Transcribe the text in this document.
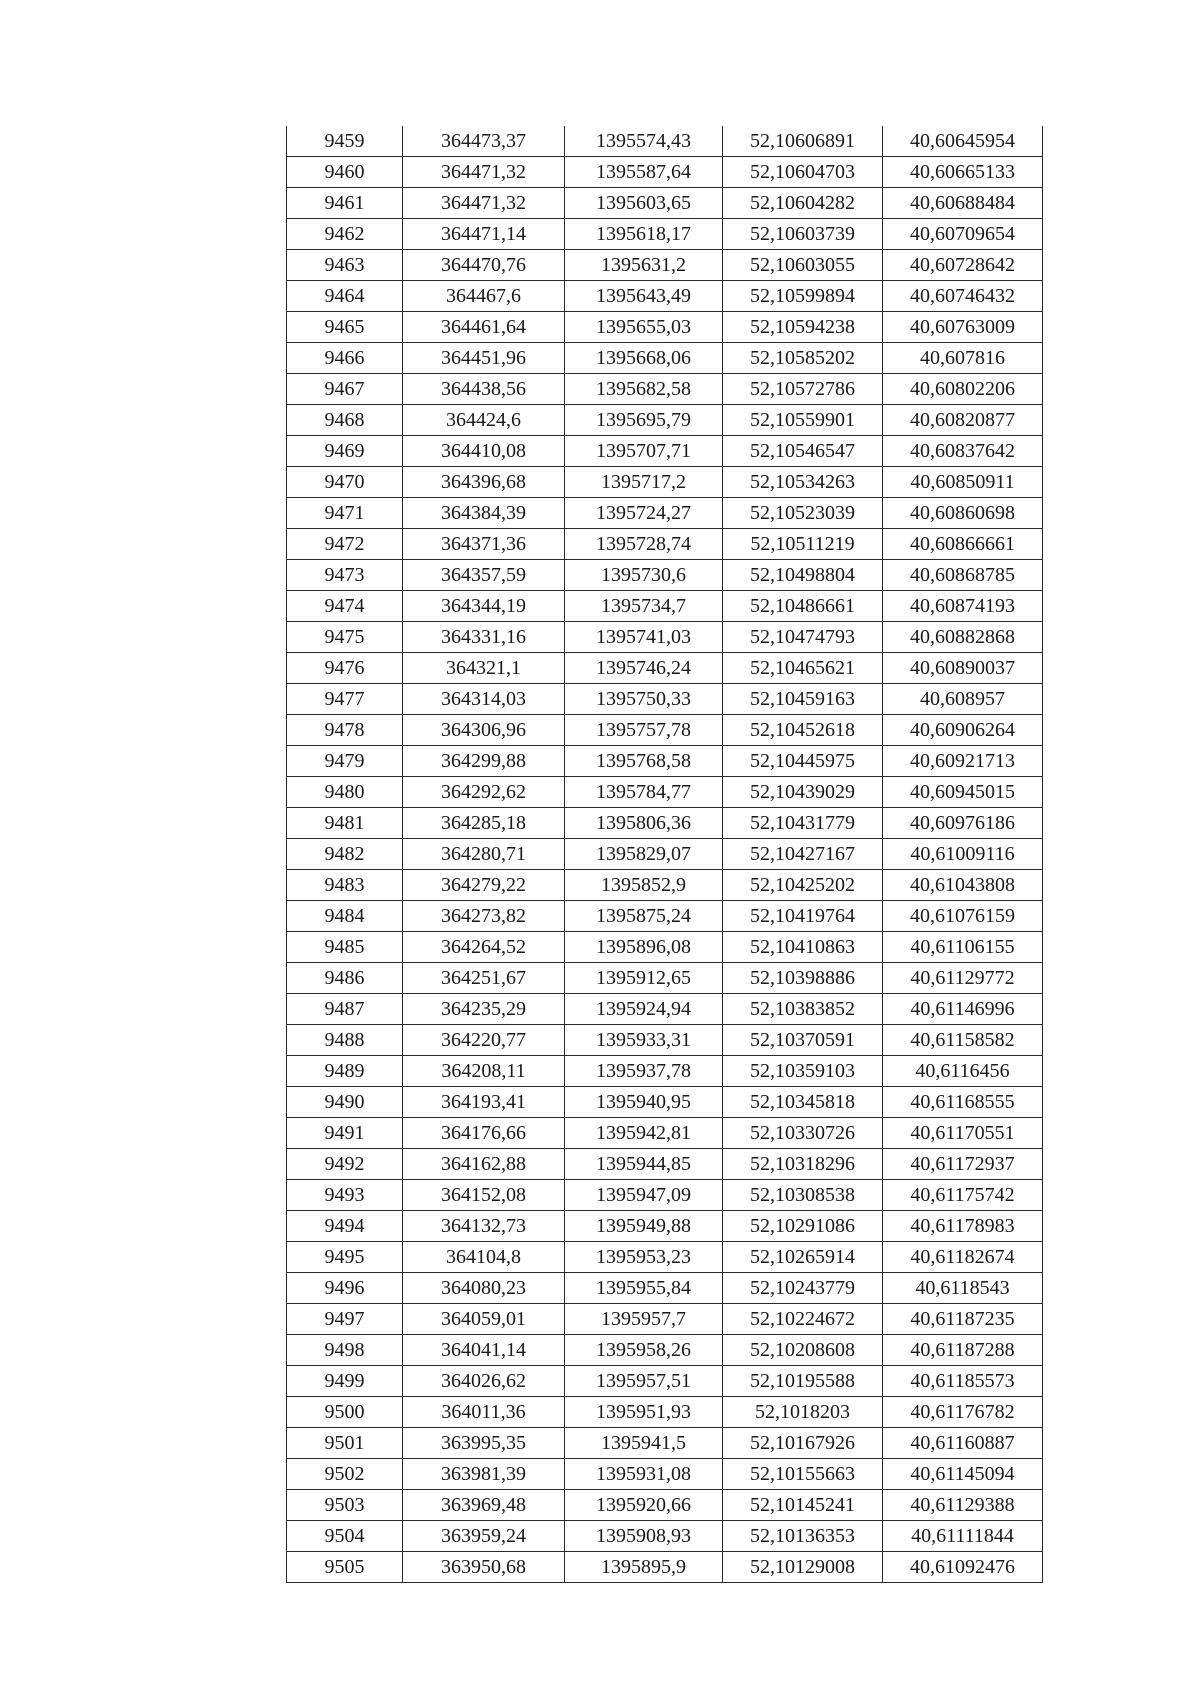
9459	364473,37	1395574,43	52,10606891	40,60645954
9460	364471,32	1395587,64	52,10604703	40,60665133
9461	364471,32	1395603,65	52,10604282	40,60688484
9462	364471,14	1395618,17	52,10603739	40,60709654
9463	364470,76	1395631,2	52,10603055	40,60728642
9464	364467,6	1395643,49	52,10599894	40,60746432
9465	364461,64	1395655,03	52,10594238	40,60763009
9466	364451,96	1395668,06	52,10585202	40,607816
9467	364438,56	1395682,58	52,10572786	40,60802206
9468	364424,6	1395695,79	52,10559901	40,60820877
9469	364410,08	1395707,71	52,10546547	40,60837642
9470	364396,68	1395717,2	52,10534263	40,60850911
9471	364384,39	1395724,27	52,10523039	40,60860698
9472	364371,36	1395728,74	52,10511219	40,60866661
9473	364357,59	1395730,6	52,10498804	40,60868785
9474	364344,19	1395734,7	52,10486661	40,60874193
9475	364331,16	1395741,03	52,10474793	40,60882868
9476	364321,1	1395746,24	52,10465621	40,60890037
9477	364314,03	1395750,33	52,10459163	40,608957
9478	364306,96	1395757,78	52,10452618	40,60906264
9479	364299,88	1395768,58	52,10445975	40,60921713
9480	364292,62	1395784,77	52,10439029	40,60945015
9481	364285,18	1395806,36	52,10431779	40,60976186
9482	364280,71	1395829,07	52,10427167	40,61009116
9483	364279,22	1395852,9	52,10425202	40,61043808
9484	364273,82	1395875,24	52,10419764	40,61076159
9485	364264,52	1395896,08	52,10410863	40,61106155
9486	364251,67	1395912,65	52,10398886	40,61129772
9487	364235,29	1395924,94	52,10383852	40,61146996
9488	364220,77	1395933,31	52,10370591	40,61158582
9489	364208,11	1395937,78	52,10359103	40,6116456
9490	364193,41	1395940,95	52,10345818	40,61168555
9491	364176,66	1395942,81	52,10330726	40,61170551
9492	364162,88	1395944,85	52,10318296	40,61172937
9493	364152,08	1395947,09	52,10308538	40,61175742
9494	364132,73	1395949,88	52,10291086	40,61178983
9495	364104,8	1395953,23	52,10265914	40,61182674
9496	364080,23	1395955,84	52,10243779	40,6118543
9497	364059,01	1395957,7	52,10224672	40,61187235
9498	364041,14	1395958,26	52,10208608	40,61187288
9499	364026,62	1395957,51	52,10195588	40,61185573
9500	364011,36	1395951,93	52,1018203	40,61176782
9501	363995,35	1395941,5	52,10167926	40,61160887
9502	363981,39	1395931,08	52,10155663	40,61145094
9503	363969,48	1395920,66	52,10145241	40,61129388
9504	363959,24	1395908,93	52,10136353	40,61111844
9505	363950,68	1395895,9	52,10129008	40,61092476
